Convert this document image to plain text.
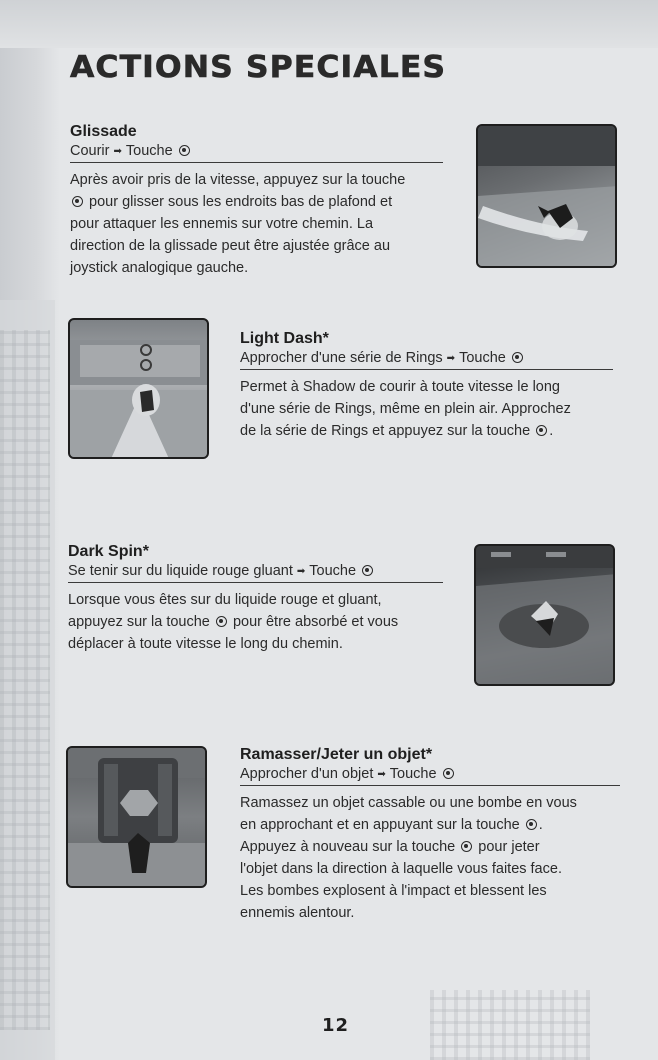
ACTIONS SPECIALES
Glissade
Courir ➡ Touche
Après avoir pris de la vitesse, appuyez sur la touche
pour glisser sous les endroits bas de plafond et
pour attaquer les ennemis sur votre chemin. La
direction de la glissade peut être ajustée grâce au
joystick analogique gauche.
Light Dash*
Approcher d'une série de Rings ➡ Touche
Permet à Shadow de courir à toute vitesse le long
d'une série de Rings, même en plein air. Approchez
de la série de Rings et appuyez sur la touche .
Dark Spin*
Se tenir sur du liquide rouge gluant ➡ Touche
Lorsque vous êtes sur du liquide rouge et gluant,
appuyez sur la touche pour être absorbé et vous
déplacer à toute vitesse le long du chemin.
Ramasser/Jeter un objet*
Approcher d'un objet ➡ Touche
Ramassez un objet cassable ou une bombe en vous
en approchant et en appuyant sur la touche .
Appuyez à nouveau sur la touche pour jeter
l'objet dans la direction à laquelle vous faites face.
Les bombes explosent à l'impact et blessent les
ennemis alentour.
12
